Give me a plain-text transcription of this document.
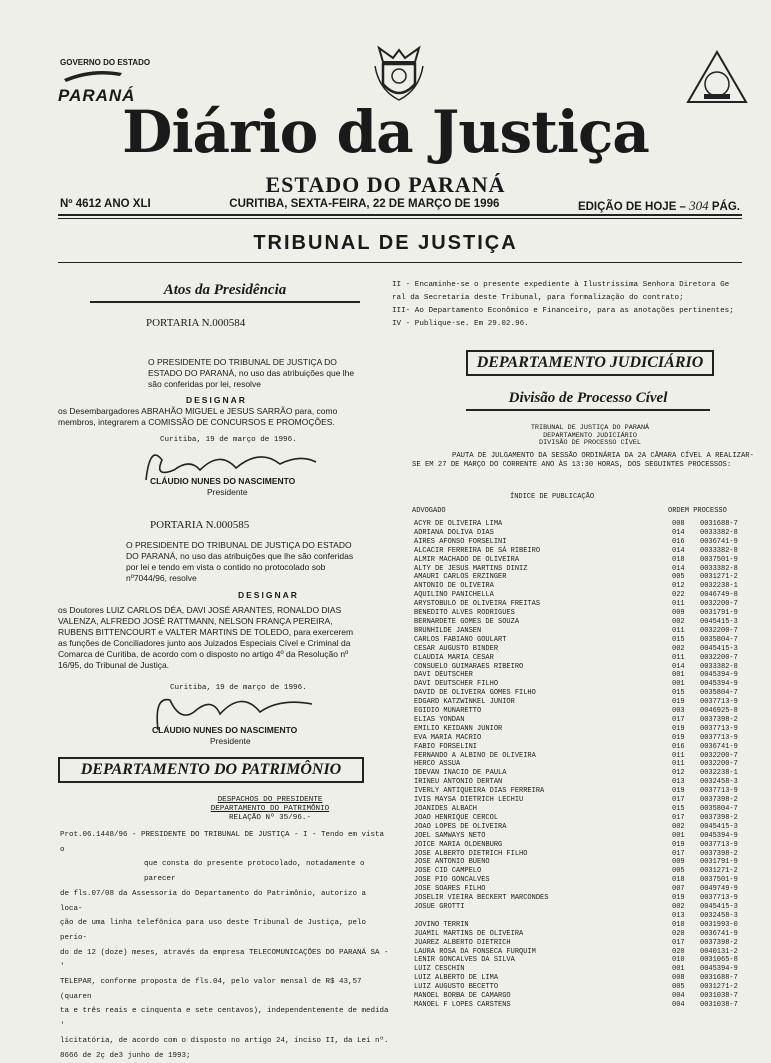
GOVERNO DO ESTADO
PARANÁ
Diário da Justiça
ESTADO DO PARANÁ
Nº 4612 ANO XLI	CURITIBA, SEXTA-FEIRA, 22 DE MARÇO DE 1996	EDIÇÃO DE HOJE – 304 PÁG.
TRIBUNAL DE JUSTIÇA
Atos da Presidência
PORTARIA N.000584
O PRESIDENTE DO TRIBUNAL DE JUSTIÇA DO ESTADO DO PARANÁ, no uso das atribuições que lhe são conferidas por lei, resolve
DESIGNAR
os Desembargadores ABRAHÃO MIGUEL e JESUS SARRÃO para, como membros, integrarem a COMISSÃO DE CONCURSOS E PROMOÇÕES.
Curitiba, 19 de março de 1996.
CLÁUDIO NUNES DO NASCIMENTO
Presidente
PORTARIA N.000585
O PRESIDENTE DO TRIBUNAL DE JUSTIÇA DO ESTADO DO PARANÁ, no uso das atribuições que lhe são conferidas por lei e tendo em vista o contido no protocolado sob nº7044/96, resolve
DESIGNAR
os Doutores LUIZ CARLOS DÉA, DAVI JOSÉ ARANTES, RONALDO DIAS VALENZA, ALFREDO JOSÉ RATTMANN, NELSON FRANÇA PEREIRA, RUBENS BITTENCOURT e VALTER MARTINS DE TOLEDO, para exercerem as funções de Conciliadores junto aos Juizados Especiais Cível e Criminal da Comarca de Curitiba, de acordo com o disposto no artigo 4º da Resolução nº 16/95, do Tribunal de Justiça.
Curitiba, 19 de março de 1996.
CLÁUDIO NUNES DO NASCIMENTO
Presidente
DEPARTAMENTO DO PATRIMÔNIO
DESPACHOS DO PRESIDENTE
DEPARTAMENTO DO PATRIMÔNIO
RELAÇÃO Nº 35/96.-
Prot.06.1448/96 - PRESIDENTE DO TRIBUNAL DE JUSTIÇA - I - Tendo em vista o
que consta do presente protocolado, notadamente o parecer
de fls.07/08 da Assessoria do Departamento do Patrimônio, autorizo a loca-
ção de uma linha telefônica para uso deste Tribunal de Justiça, pelo perío-
do de 12 (doze) meses, através da empresa TELECOMUNICAÇÕES DO PARANÁ SA - '
TELEPAR, conforme proposta de fls.04, pelo valor mensal de R$ 43,57 (quaren
ta e três reais e cinquenta e sete centavos), independentemente de medida '
licitatória, de acordo com o disposto no artigo 24, inciso II, da Lei nº.
8666 de 2ç de3 junho de 1993;
II - Encaminhe-se o presente expediente à Ilustríssima Senhora Diretora Ge
ral da Secretaria deste Tribunal, para formalização do contrato;
III- Ao Departamento Econômico e Financeiro, para as anotações pertinentes;
IV - Publique-se. Em 29.02.96.
DEPARTAMENTO JUDICIÁRIO
Divisão de Processo Cível
TRIBUNAL DE JUSTIÇA DO PARANÁ
DEPARTAMENTO JUDICIÁRIO
DIVISÃO DE PROCESSO CÍVEL
PAUTA DE JULGAMENTO DA SESSÃO ORDINÁRIA DA 2A CÂMARA CÍVEL A REALIZAR-SE EM 27 DE MARÇO DO CORRENTE ANO ÀS 13:30 HORAS, DOS SEGUINTES PROCESSOS:
ÍNDICE DE PUBLICAÇÃO
ADVOGADO	ORDEM PROCESSO
ACYR DE OLIVEIRA LIMA	008	0031688-7
ADRIANA DOLIVA DIAS	014	0033382-8
AIRES AFONSO FORSELINI	016	0036741-9
ALCACIR FERREIRA DE SÁ RIBEIRO	014	0033382-8
ALMIR MACHADO DE OLIVEIRA	018	0037501-9
ALTY DE JESUS MARTINS DINIZ	014	0033382-8
AMAURI CARLOS ERZINGER	005	0031271-2
ANTONIO DE OLIVEIRA	012	0032238-1
AQUILINO PANICHELLA	022	0046749-8
ARYSTOBULO DE OLIVEIRA FREITAS	011	0032200-7
BENEDITO ALVES RODRIGUES	009	0031791-9
BERNARDETE GOMES DE SOUZA	002	0045415-3
BRUNHILDE JANSEN	011	0032200-7
CARLOS FABIANO GOULART	015	0035804-7
CESAR AUGUSTO BINDER	002	0045415-3
CLAUDIA MARIA CESAR	011	0032200-7
CONSUELO GUIMARAES RIBEIRO	014	0033382-8
DAVI DEUTSCHER	001	0045394-9
DAVI DEUTSCHER FILHO	001	0045394-9
DAVID DE OLIVEIRA GOMES FILHO	015	0035804-7
EDGARD KATZWINKEL JUNIOR	019	0037713-9
EGIDIO MUNARETTO	003	0046925-8
ELIAS YONDAN	017	0037398-2
EMILIO KEIDANN JUNIOR	019	0037713-9
EVA MARIA MACRIO	019	0037713-9
FABIO FORSELINI	016	0036741-9
FERNANDO A ALBINO DE OLIVEIRA	011	0032200-7
HERCO ASSUA	011	0032200-7
IDEVAN INACIO DE PAULA	012	0032238-1
IRINEU ANTONIO DERTAN	013	0032458-3
IVERLY ANTIQUEIRA DIAS FERREIRA	019	0037713-9
IVIS MAYSA DIETRICH LECHIU	017	0037398-2
JOANIDES ALBACH	015	0035804-7
JOAO HENRIQUE CERCOL	017	0037398-2
JOAO LOPES DE OLIVEIRA	002	0045415-3
JOEL SAMWAYS NETO	001	0045394-9
JOICE MARIA OLDENBURG	019	0037713-9
JOSE ALBERTO DIETRICH FILHO	017	0037398-2
JOSE ANTONIO BUENO	009	0031791-9
JOSE CID CAMPELO	005	0031271-2
JOSE PIO GONCALVES	018	0037501-9
JOSE SOARES FILHO	007	0049749-9
JOSELIR VIEIRA BECKERT MARCONDES	019	0037713-9
JOSUE GROTTI	002	0045415-3
	013	0032458-3
JOVINO TERRIN	010	0031993-0
JUAMIL MARTINS DE OLIVEIRA	020	0036741-9

JUAREZ ALBERTO DIETRICH	017	0037398-2
LAURA ROSA DA FONSECA FURQUIM	020	0040131-2
LENIR GONCALVES DA SILVA	010	0031065-8
LUIZ CESCHIN	001	0045394-9
LUIZ ALBERTO DE LIMA	008	0031688-7
LUIZ AUGUSTO BECETTO	005	0031271-2
MANOEL BORBA DE CAMARGO	004	0031038-7
MANOEL F LOPES CARSTENS	004	0031038-7
